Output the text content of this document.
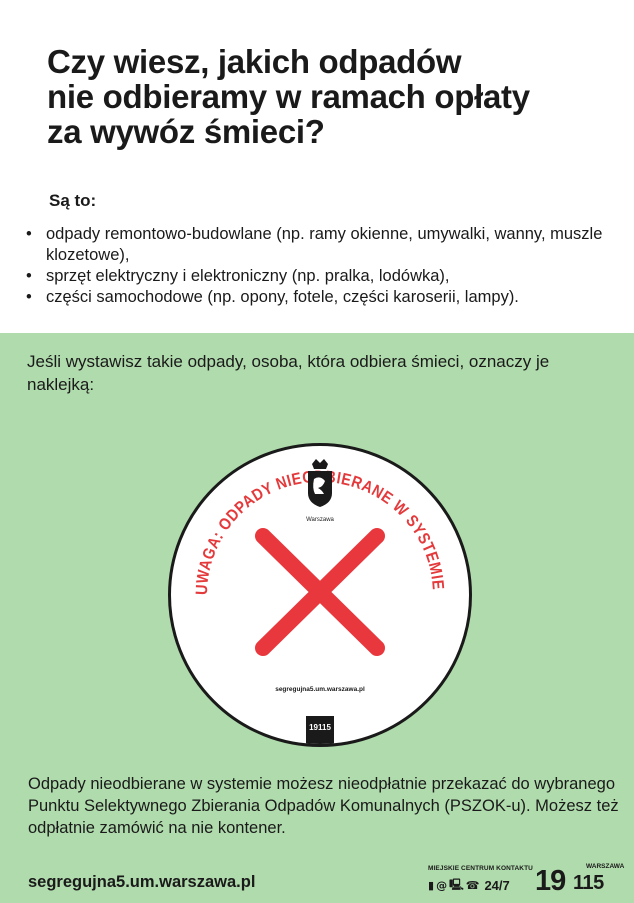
Czy wiesz, jakich odpadów
nie odbieramy w ramach opłaty
za wywóz śmieci?

Są to:

• odpady remontowo-budowlane (np. ramy okienne, umywalki, wanny, muszle klozetowe),
• sprzęt elektryczny i elektroniczny (np. pralka, lodówka),
• części samochodowe (np. opony, fotele, części karoserii, lampy).

Jeśli wystawisz takie odpady, osoba, która odbiera śmieci, oznaczy je naklejką:

UWAGA: ODPADY NIE IERANE W SYSTEMIE
Warszawa
segregujna5.um.warszawa.pl
19115

Odpady nieodbierane w systemie możesz nieodpłatnie przekazać do wybranego Punktu Selektywnego Zbierania Odpadów Komunalnych (PSZOK-u). Możesz też odpłatnie zamówić na nie kontener.

segregujna5.um.warszawa.pl

MIEJSKIE CENTRUM KONTAKTU
▮ @ 🖳 ☎ 24/7 19	WARSZAWA
115
